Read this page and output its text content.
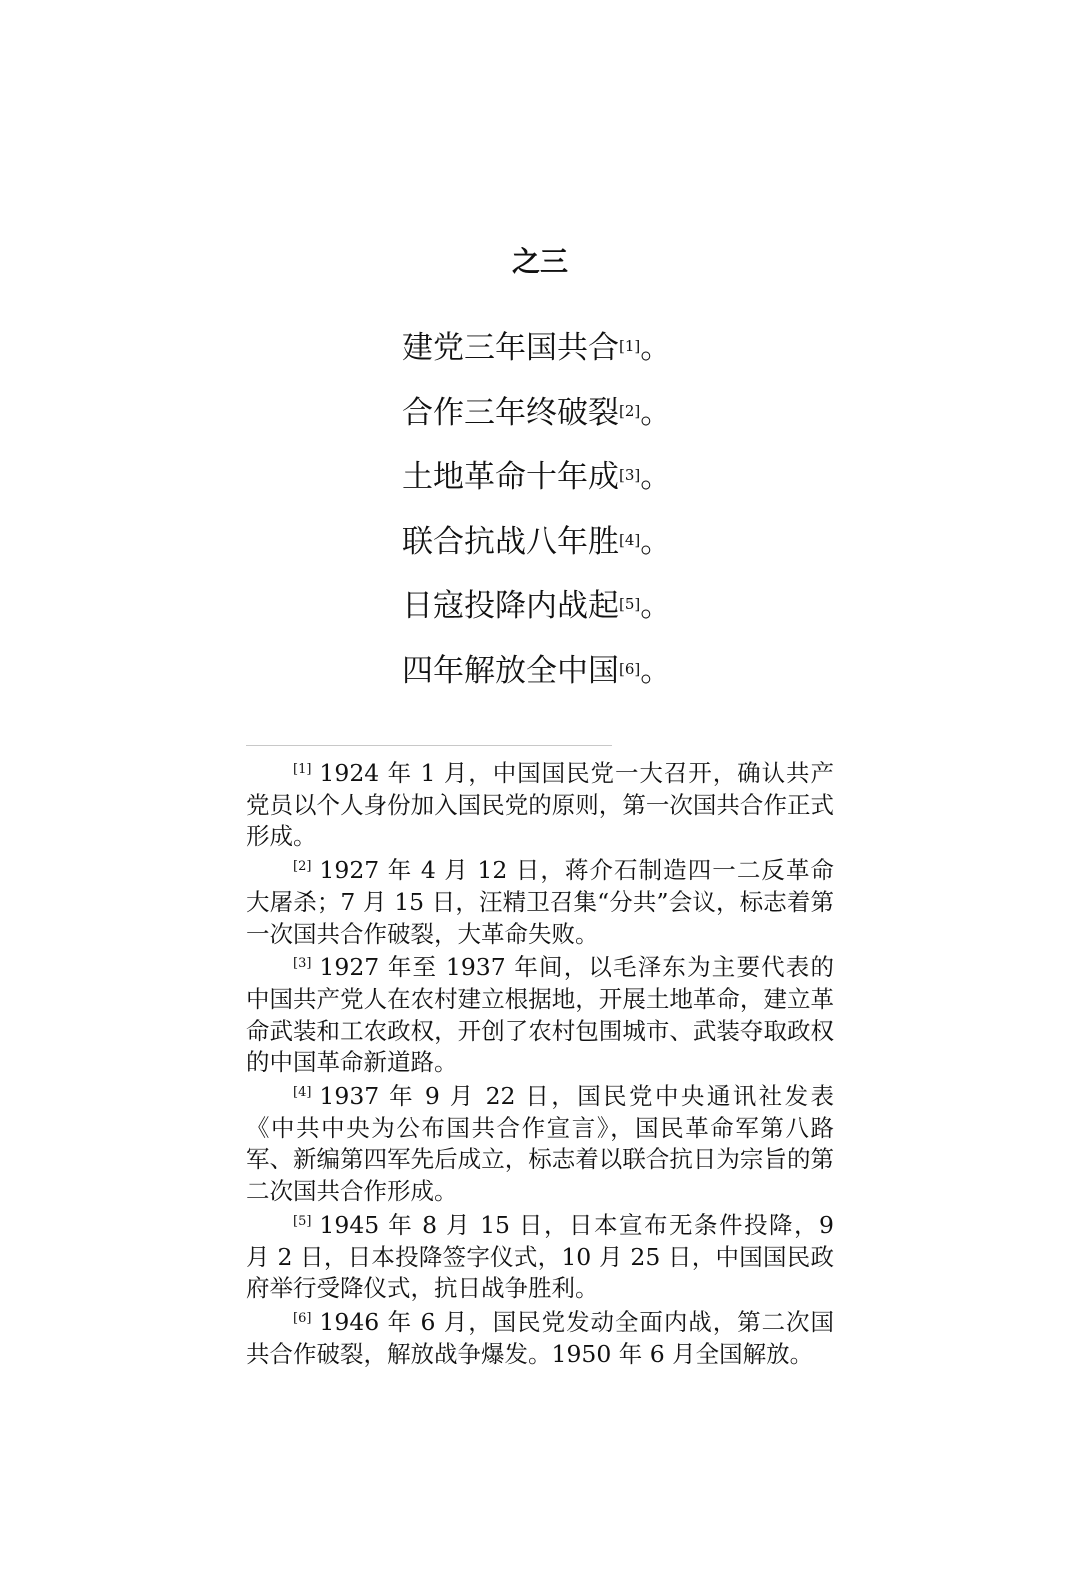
之三
建党三年国共合[1]。
合作三年终破裂[2]。
土地革命十年成[3]。
联合抗战八年胜[4]。
日寇投降内战起[5]。
四年解放全中国[6]。

[1] 1924 年 1 月，中国国民党一大召开，确认共产党员以个人身份加入国民党的原则，第一次国共合作正式形成。

[2] 1927 年 4 月 12 日，蒋介石制造四一二反革命大屠杀；7 月 15 日，汪精卫召集“分共”会议，标志着第一次国共合作破裂，大革命失败。

[3] 1927 年至 1937 年间，以毛泽东为主要代表的中国共产党人在农村建立根据地，开展土地革命，建立革命武装和工农政权，开创了农村包围城市、武装夺取政权的中国革命新道路。

[4] 1937 年 9 月 22 日，国民党中央通讯社发表《中共中央为公布国共合作宣言》，国民革命军第八路军、新编第四军先后成立，标志着以联合抗日为宗旨的第二次国共合作形成。

[5] 1945 年 8 月 15 日，日本宣布无条件投降，9 月 2 日，日本投降签字仪式，10 月 25 日，中国国民政府举行受降仪式，抗日战争胜利。

[6] 1946 年 6 月，国民党发动全面内战，第二次国共合作破裂，解放战争爆发。1950 年 6 月全国解放。
